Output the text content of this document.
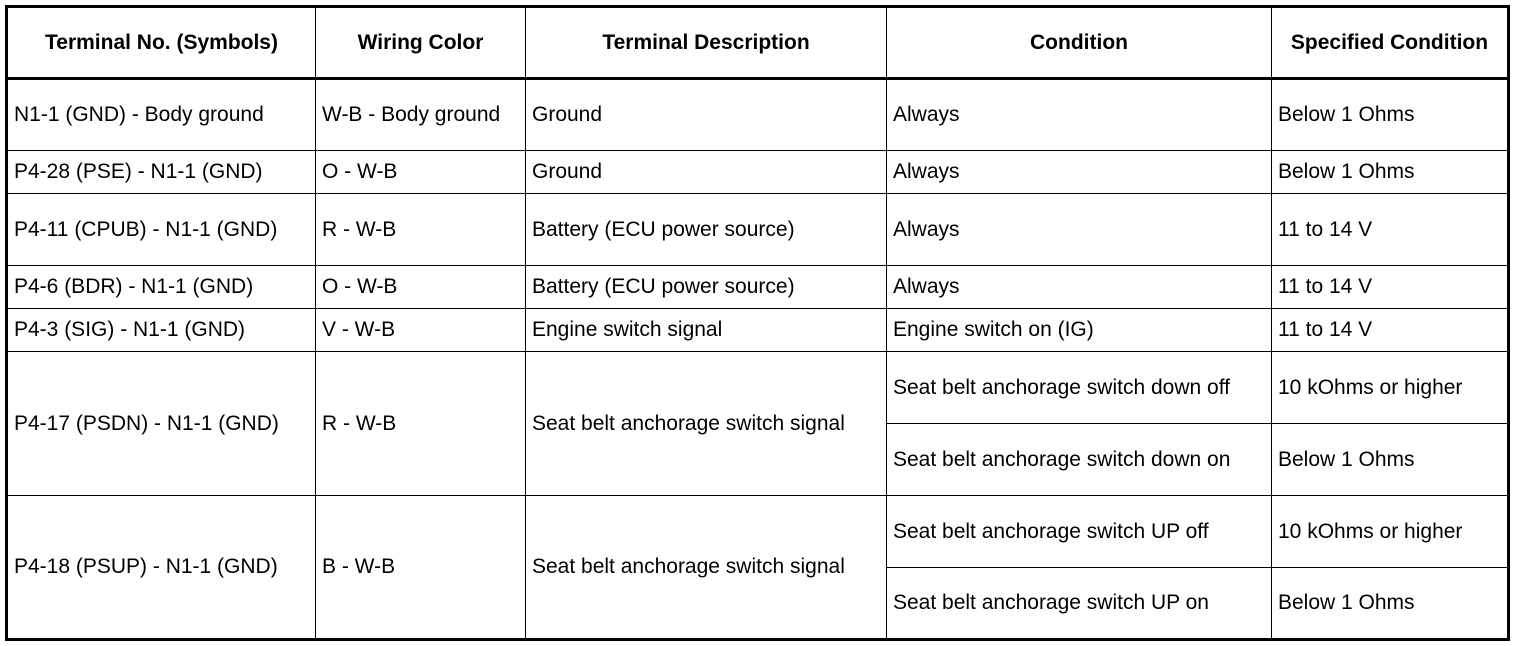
Terminal No. (Symbols)	Wiring Color	Terminal Description	Condition	Specified Condition
N1-1 (GND) - Body ground	W-B - Body ground	Ground	Always	Below 1 Ohms
P4-28 (PSE) - N1-1 (GND)	O - W-B	Ground	Always	Below 1 Ohms
P4-11 (CPUB) - N1-1 (GND)	R - W-B	Battery (ECU power source)	Always	11 to 14 V
P4-6 (BDR) - N1-1 (GND)	O - W-B	Battery (ECU power source)	Always	11 to 14 V
P4-3 (SIG) - N1-1 (GND)	V - W-B	Engine switch signal	Engine switch on (IG)	11 to 14 V
P4-17 (PSDN) - N1-1 (GND)	R - W-B	Seat belt anchorage switch signal	Seat belt anchorage switch down off	10 kOhms or higher
			Seat belt anchorage switch down on	Below 1 Ohms
P4-18 (PSUP) - N1-1 (GND)	B - W-B	Seat belt anchorage switch signal	Seat belt anchorage switch UP off	10 kOhms or higher
			Seat belt anchorage switch UP on	Below 1 Ohms
